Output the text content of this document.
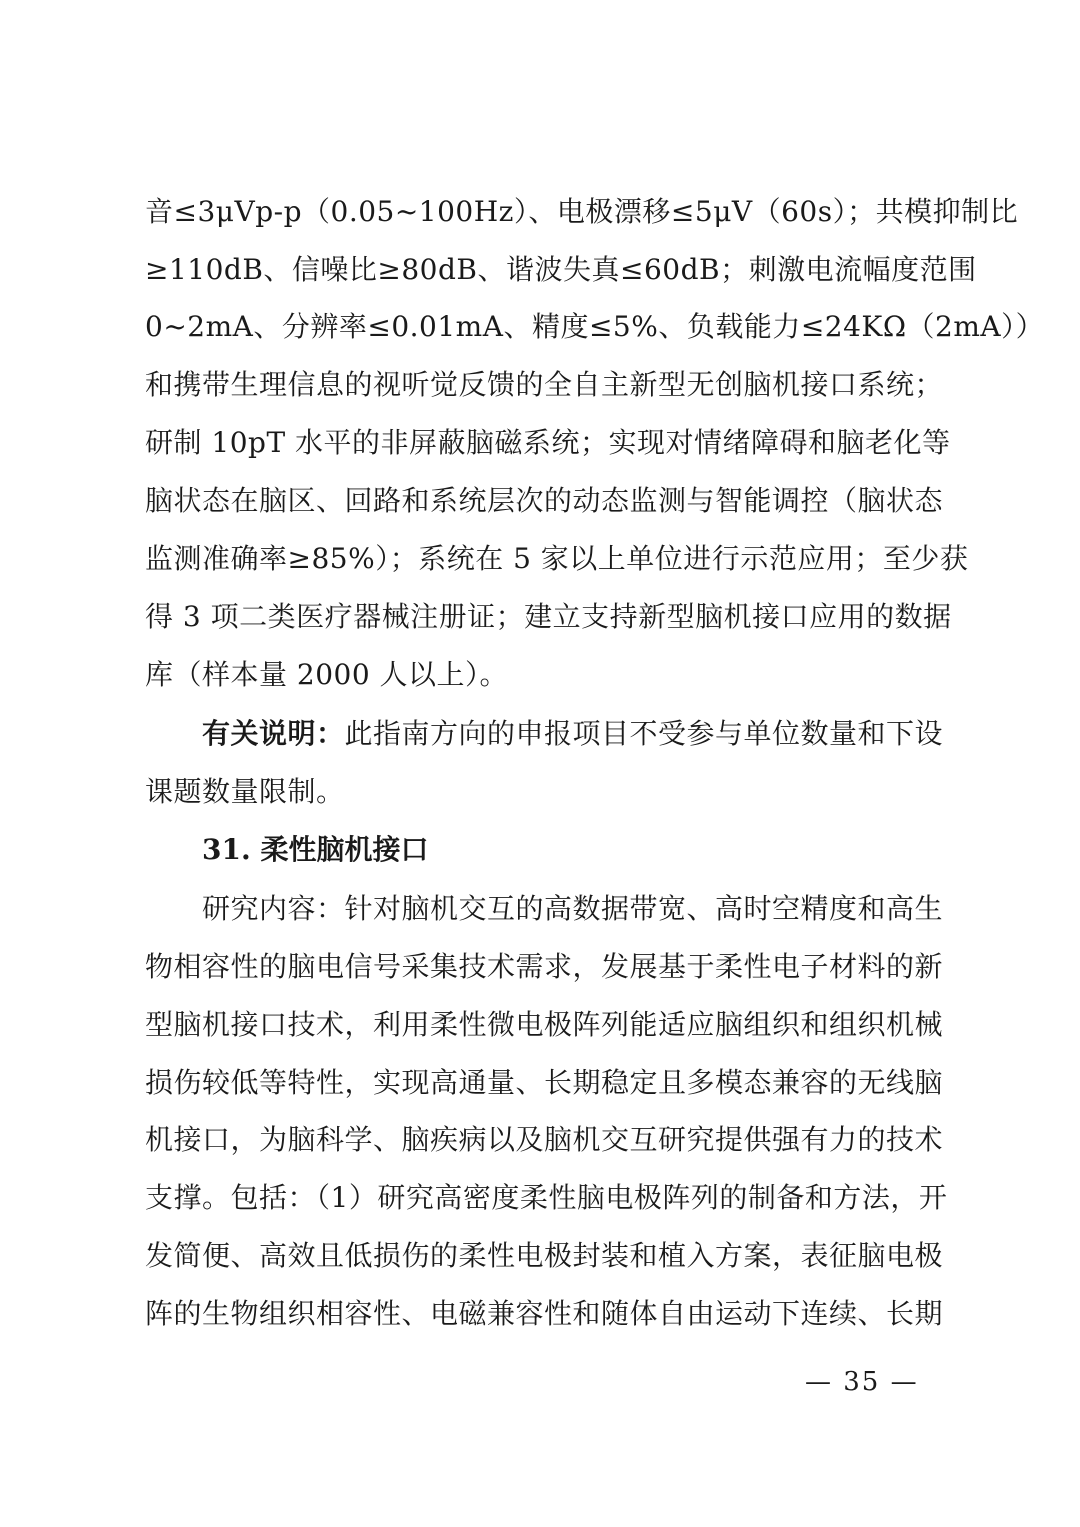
音≤3μVp-p（0.05~100Hz）、电极漂移≤5μV（60s）；共模抑制比
≥110dB、信噪比≥80dB、谐波失真≤60dB；刺激电流幅度范围
0~2mA、分辨率≤0.01mA、精度≤5%、负载能力≤24KΩ（2mA））
和携带生理信息的视听觉反馈的全自主新型无创脑机接口系统；
研制 10pT 水平的非屏蔽脑磁系统；实现对情绪障碍和脑老化等
脑状态在脑区、回路和系统层次的动态监测与智能调控（脑状态
监测准确率≥85%）；系统在 5 家以上单位进行示范应用；至少获
得 3 项二类医疗器械注册证；建立支持新型脑机接口应用的数据
库（样本量 2000 人以上）。
有关说明：此指南方向的申报项目不受参与单位数量和下设
课题数量限制。
31. 柔性脑机接口
研究内容：针对脑机交互的高数据带宽、高时空精度和高生
物相容性的脑电信号采集技术需求，发展基于柔性电子材料的新
型脑机接口技术，利用柔性微电极阵列能适应脑组织和组织机械
损伤较低等特性，实现高通量、长期稳定且多模态兼容的无线脑
机接口，为脑科学、脑疾病以及脑机交互研究提供强有力的技术
支撑。包括：（1）研究高密度柔性脑电极阵列的制备和方法，开
发简便、高效且低损伤的柔性电极封装和植入方案，表征脑电极
阵的生物组织相容性、电磁兼容性和随体自由运动下连续、长期
— 35 —
